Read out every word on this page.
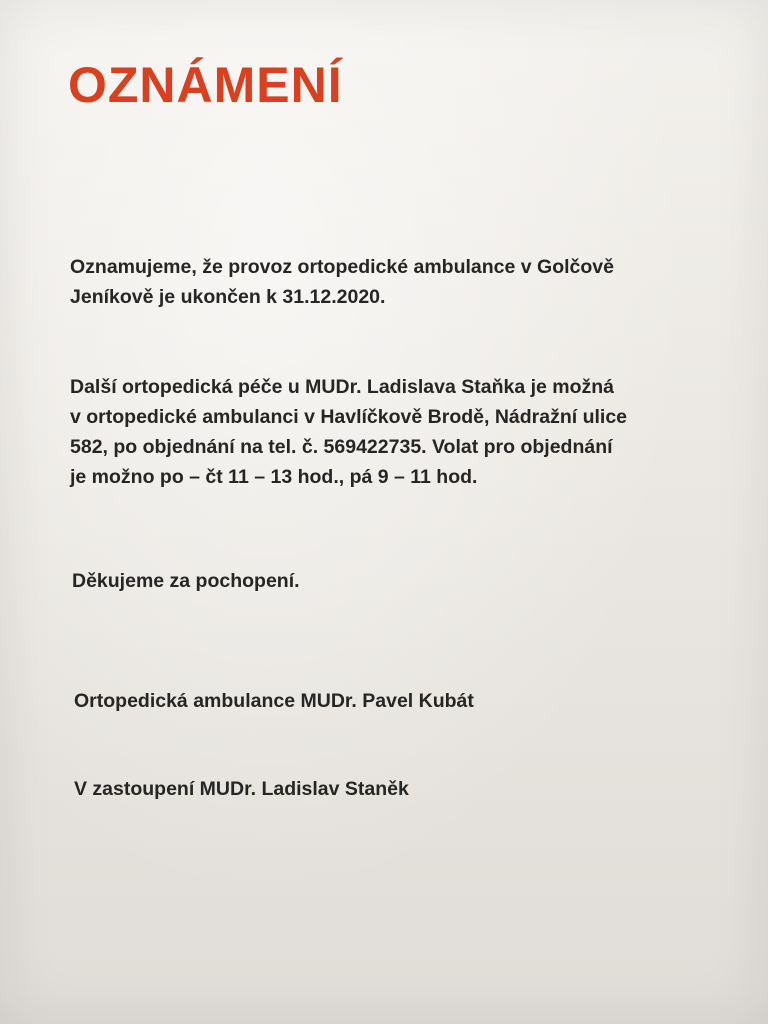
OZNÁMENÍ

Oznamujeme, že provoz ortopedické ambulance v Golčově
Jeníkově je ukončen k 31.12.2020.

Další ortopedická péče u MUDr. Ladislava Staňka je možná
v ortopedické ambulanci v Havlíčkově Brodě, Nádražní ulice
582, po objednání na tel. č. 569422735. Volat pro objednání
je možno po – čt 11 – 13 hod., pá 9 – 11 hod.

Děkujeme za pochopení.

Ortopedická ambulance MUDr. Pavel Kubát

V zastoupení MUDr. Ladislav Staněk
